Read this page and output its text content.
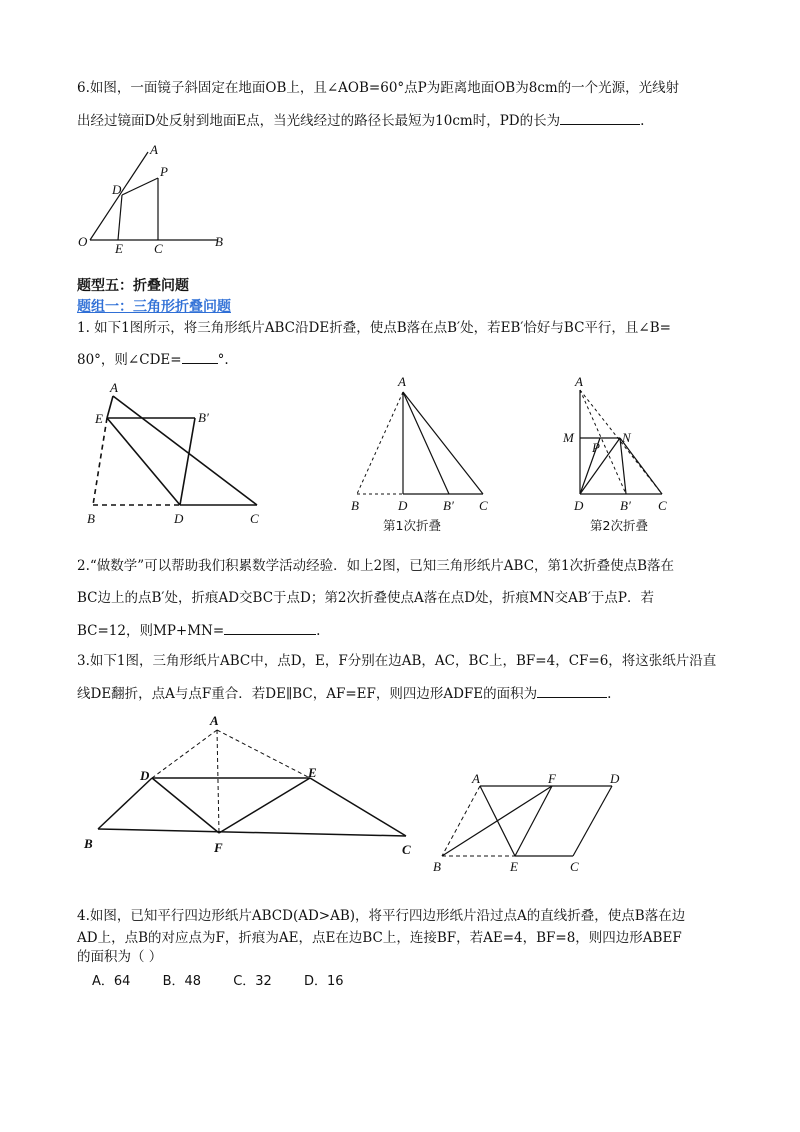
6.如图，一面镜子斜固定在地面OB上，且∠AOB=60°点P为距离地面OB为8cm的一个光源，光线射
出经过镜面D处反射到地面E点，当光线经过的路径长最短为10cm时，PD的长为	.
A
P
D
O E C	B
题型五：折叠问题
题组一：三角形折叠问题
1. 如下1图所示，将三角形纸片ABC沿DE折叠，使点B落在点B′处，若EB′恰好与BC平行，且∠B=
80°，则∠CDE=	°.
A
E	B′
B	D	C
A
B	D	B′ C
第1次折叠
A
M
P
N
D	B′ C
第2次折叠
2.“做数学”可以帮助我们积累数学活动经验．如上2图，已知三角形纸片ABC，第1次折叠使点B落在
BC边上的点B′处，折痕AD交BC于点D；第2次折叠使点A落在点D处，折痕MN交AB′于点P．若
BC=12，则MP+MN=	.
3.如下1图，三角形纸片ABC中，点D，E，F分别在边AB，AC，BC上，BF=4，CF=6，将这张纸片沿直
线DE翻折，点A与点F重合．若DE∥BC，AF=EF，则四边形ADFE的面积为	.
A
D	E
B	F	C
A	F	D
B	E	C
4.如图，已知平行四边形纸片ABCD(AD>AB)，将平行四边形纸片沿过点A的直线折叠，使点B落在边
AD上，点B的对应点为F，折痕为AE，点E在边BC上，连接BF，若AE=4，BF=8，则四边形ABEF
的面积为（ ）
A．64 B．48 C．32 D．16
